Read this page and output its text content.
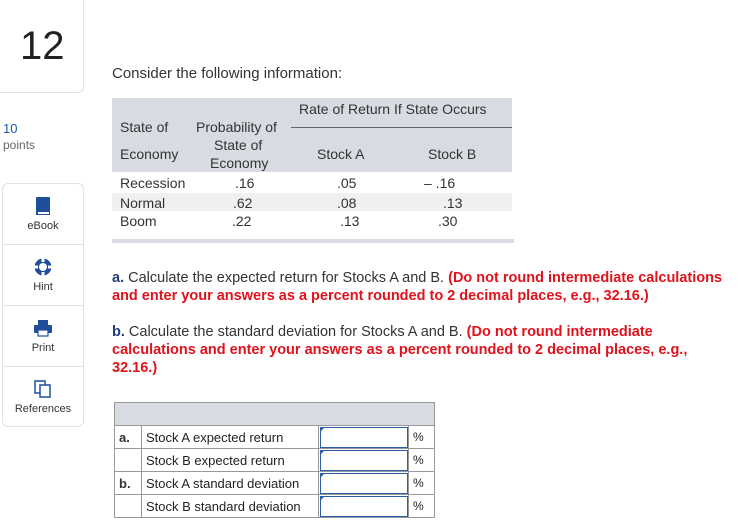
12
10
points
eBook
Hint
Print
References
Consider the following information:
Rate of Return If State Occurs
State of
Economy
Probability of
State of
Economy
Stock A	Stock B
Recession	.16	.05	– .16
Normal	.62	.08	.13
Boom	.22	.13	.30
a. Calculate the expected return for Stocks A and B. (Do not round intermediate calculations and enter your answers as a percent rounded to 2 decimal places, e.g., 32.16.)
b. Calculate the standard deviation for Stocks A and B. (Do not round intermediate calculations and enter your answers as a percent rounded to 2 decimal places, e.g., 32.16.)

a.	Stock A expected return		%
	Stock B expected return		%
b.	Stock A standard deviation		%
	Stock B standard deviation		%
